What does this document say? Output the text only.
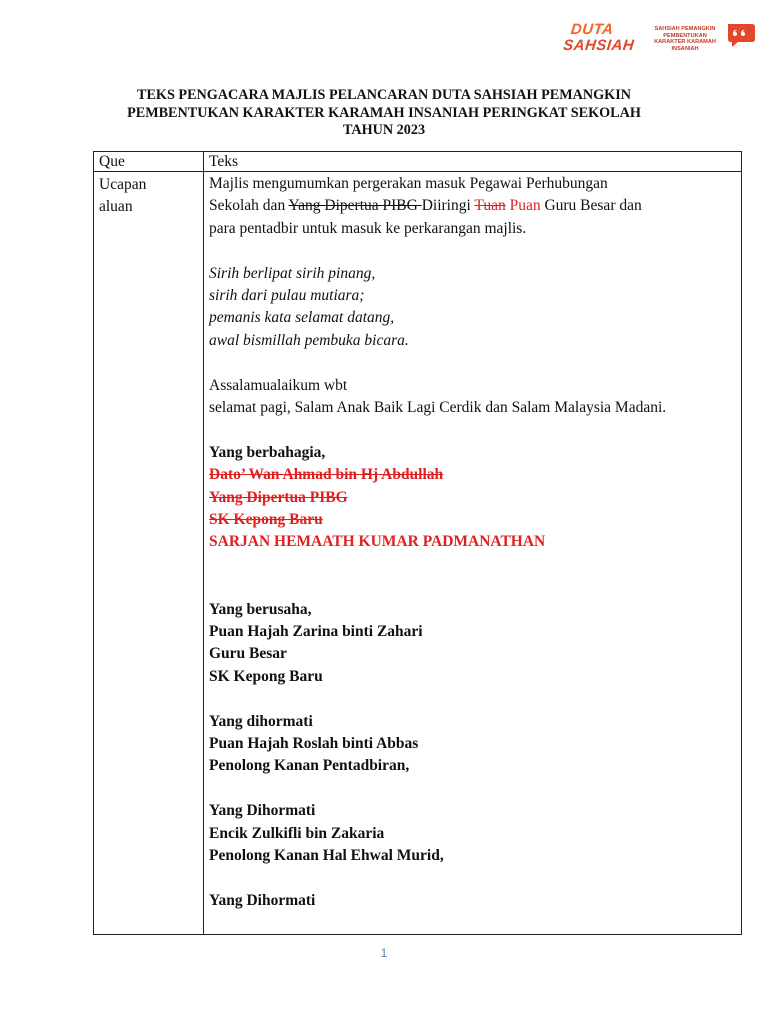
DUTA
SAHSIAH
SAHSIAH PEMANGKIN
PEMBENTUKAN
KARAKTER KARAMAH
INSANIAH
TEKS PENGACARA MAJLIS PELANCARAN DUTA SAHSIAH PEMANGKIN
PEMBENTUKAN KARAKTER KARAMAH INSANIAH PERINGKAT SEKOLAH
TAHUN 2023
Que	Teks
Ucapan
aluan

Majlis mengumumkan pergerakan masuk Pegawai Perhubungan

Sekolah dan Yang Dipertua PIBG Diiringi Tuan Puan Guru Besar dan

para pentadbir untuk masuk ke perkarangan majlis.

Sirih berlipat sirih pinang,

sirih dari pulau mutiara;

pemanis kata selamat datang,

awal bismillah pembuka bicara.

Assalamualaikum wbt

selamat pagi, Salam Anak Baik Lagi Cerdik dan Salam Malaysia Madani.

Yang berbahagia,

Dato’ Wan Ahmad bin Hj Abdullah

Yang Dipertua PIBG

SK Kepong Baru

SARJAN HEMAATH KUMAR PADMANATHAN

Yang berusaha,

Puan Hajah Zarina binti Zahari

Guru Besar

SK Kepong Baru

Yang dihormati

Puan Hajah Roslah binti Abbas

Penolong Kanan Pentadbiran,

Yang Dihormati

Encik Zulkifli bin Zakaria

Penolong Kanan Hal Ehwal Murid,

Yang Dihormati

1
